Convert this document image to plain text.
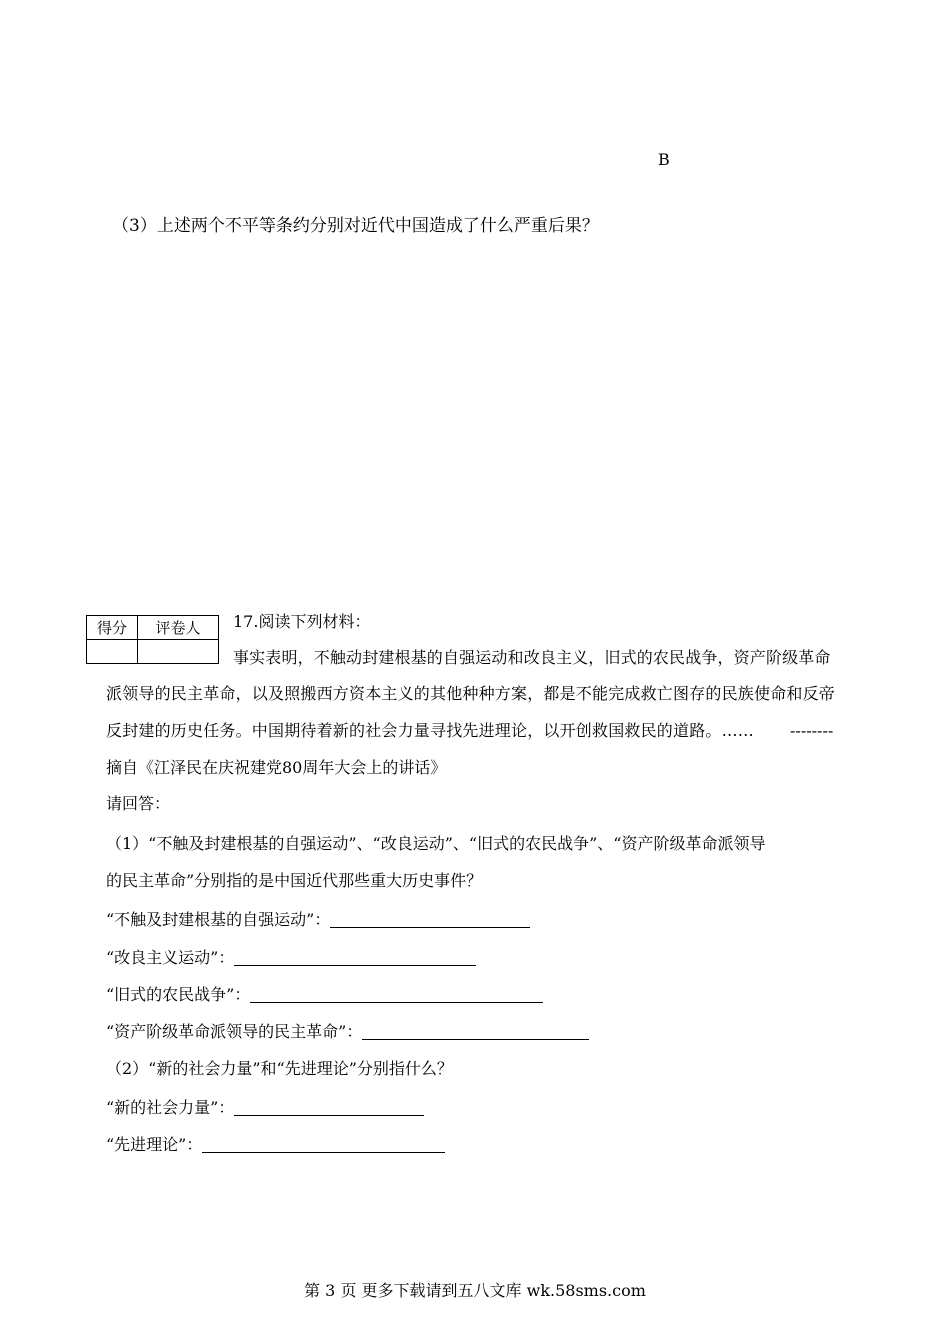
B
（3）上述两个不平等条约分别对近代中国造成了什么严重后果？
得分	评卷人
	17.阅读下列材料：
事实表明，不触动封建根基的自强运动和改良主义，旧式的农民战争，资产阶级革命
派领导的民主革命，以及照搬西方资本主义的其他种种方案，都是不能完成救亡图存的民族使命和反帝
反封建的历史任务。中国期待着新的社会力量寻找先进理论，以开创救国救民的道路。…… --------
摘自《江泽民在庆祝建党80周年大会上的讲话》
请回答：
（1）“不触及封建根基的自强运动”、“改良运动”、“旧式的农民战争”、“资产阶级革命派领导
的民主革命”分别指的是中国近代那些重大历史事件？
“不触及封建根基的自强运动”：
“改良主义运动”：
“旧式的农民战争”：
“资产阶级革命派领导的民主革命”：
（2）“新的社会力量”和“先进理论”分别指什么？
“新的社会力量”：
“先进理论”：
第 3 页 更多下载请到五八文库 wk.58sms.com
